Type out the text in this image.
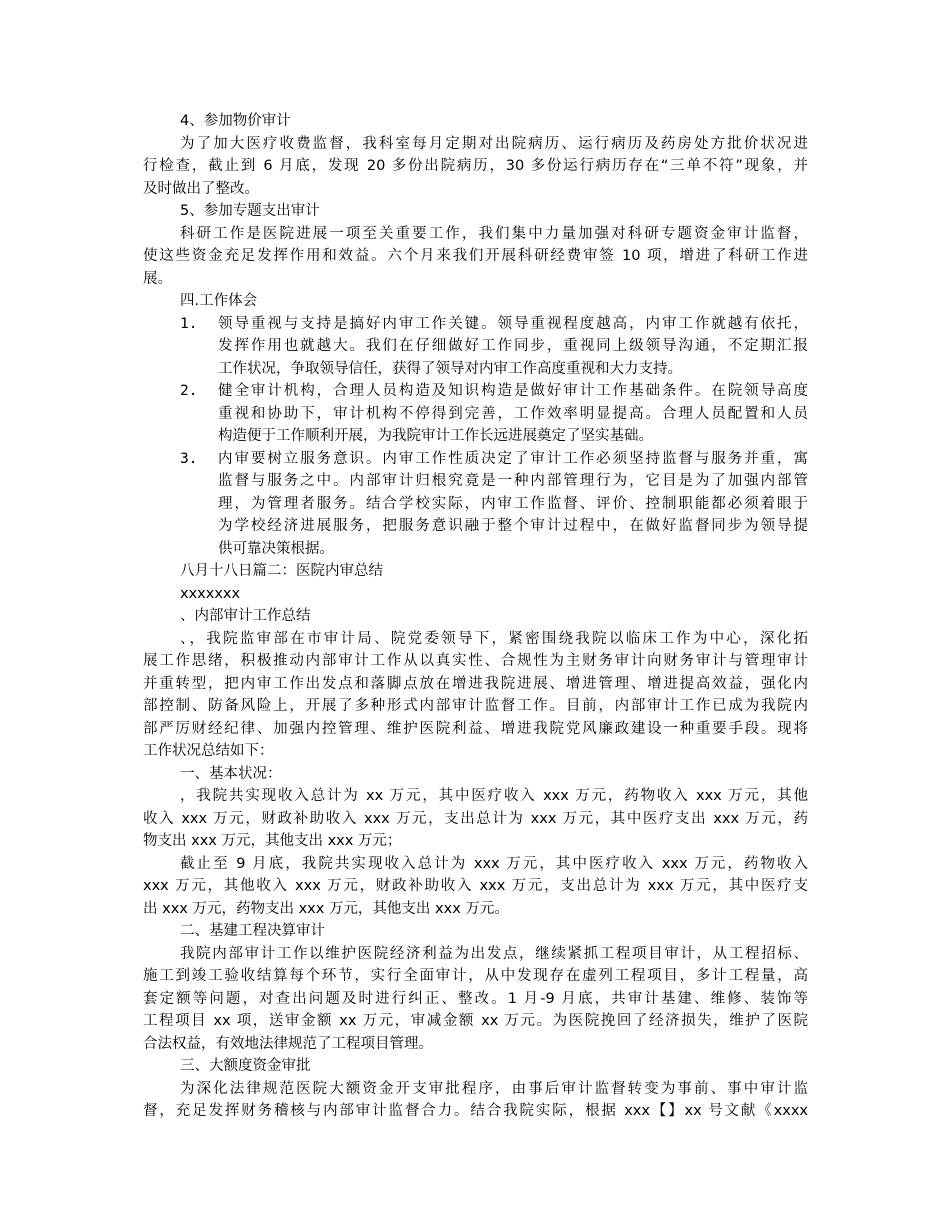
4、参加物价审计
为了加大医疗收费监督，我科室每月定期对出院病历、运行病历及药房处方批价状况进
行检查，截止到 6 月底，发现 20 多份出院病历，30 多份运行病历存在“三单不符”现象，并
及时做出了整改。
5、参加专题支出审计
科研工作是医院进展一项至关重要工作，我们集中力量加强对科研专题资金审计监督，
使这些资金充足发挥作用和效益。六个月来我们开展科研经费审签 10 项，增进了科研工作进
展。
四.工作体会
1. 领导重视与支持是搞好内审工作关键。领导重视程度越高，内审工作就越有依托，
发挥作用也就越大。我们在仔细做好工作同步，重视同上级领导沟通，不定期汇报
工作状况，争取领导信任，获得了领导对内审工作高度重视和大力支持。
2. 健全审计机构，合理人员构造及知识构造是做好审计工作基础条件。在院领导高度
重视和协助下，审计机构不停得到完善，工作效率明显提高。合理人员配置和人员
构造便于工作顺利开展，为我院审计工作长远进展奠定了坚实基础。
3. 内审要树立服务意识。内审工作性质决定了审计工作必须坚持监督与服务并重，寓
监督与服务之中。内部审计归根究竟是一种内部管理行为，它目是为了加强内部管
理，为管理者服务。结合学校实际，内审工作监督、评价、控制职能都必须着眼于
为学校经济进展服务，把服务意识融于整个审计过程中，在做好监督同步为领导提
供可靠决策根据。
八月十八日篇二：医院内审总结
xxxxxxx
、内部审计工作总结
、，我院监审部在市审计局、院党委领导下，紧密围绕我院以临床工作为中心，深化拓
展工作思绪，积极推动内部审计工作从以真实性、合规性为主财务审计向财务审计与管理审计
并重转型，把内审工作出发点和落脚点放在增进我院进展、增进管理、增进提高效益，强化内
部控制、防备风险上，开展了多种形式内部审计监督工作。目前，内部审计工作已成为我院内
部严厉财经纪律、加强内控管理、维护医院利益、增进我院党风廉政建设一种重要手段。现将
工作状况总结如下：
一、基本状况：
，我院共实现收入总计为 xx 万元，其中医疗收入 xxx 万元，药物收入 xxx 万元，其他
收入 xxx 万元，财政补助收入 xxx 万元，支出总计为 xxx 万元，其中医疗支出 xxx 万元，药
物支出 xxx 万元，其他支出 xxx 万元；
截止至 9 月底，我院共实现收入总计为 xxx 万元，其中医疗收入 xxx 万元，药物收入
xxx 万元，其他收入 xxx 万元，财政补助收入 xxx 万元，支出总计为 xxx 万元，其中医疗支
出 xxx 万元，药物支出 xxx 万元，其他支出 xxx 万元。
二、基建工程决算审计
我院内部审计工作以维护医院经济利益为出发点，继续紧抓工程项目审计，从工程招标、
施工到竣工验收结算每个环节，实行全面审计，从中发现存在虚列工程项目，多计工程量，高
套定额等问题，对查出问题及时进行纠正、整改。1 月-9 月底，共审计基建、维修、装饰等
工程项目 xx 项，送审金额 xx 万元，审减金额 xx 万元。为医院挽回了经济损失，维护了医院
合法权益，有效地法律规范了工程项目管理。
三、大额度资金审批
为深化法律规范医院大额资金开支审批程序，由事后审计监督转变为事前、事中审计监
督，充足发挥财务稽核与内部审计监督合力。结合我院实际，根据 xxx【】xx 号文献《xxxx
